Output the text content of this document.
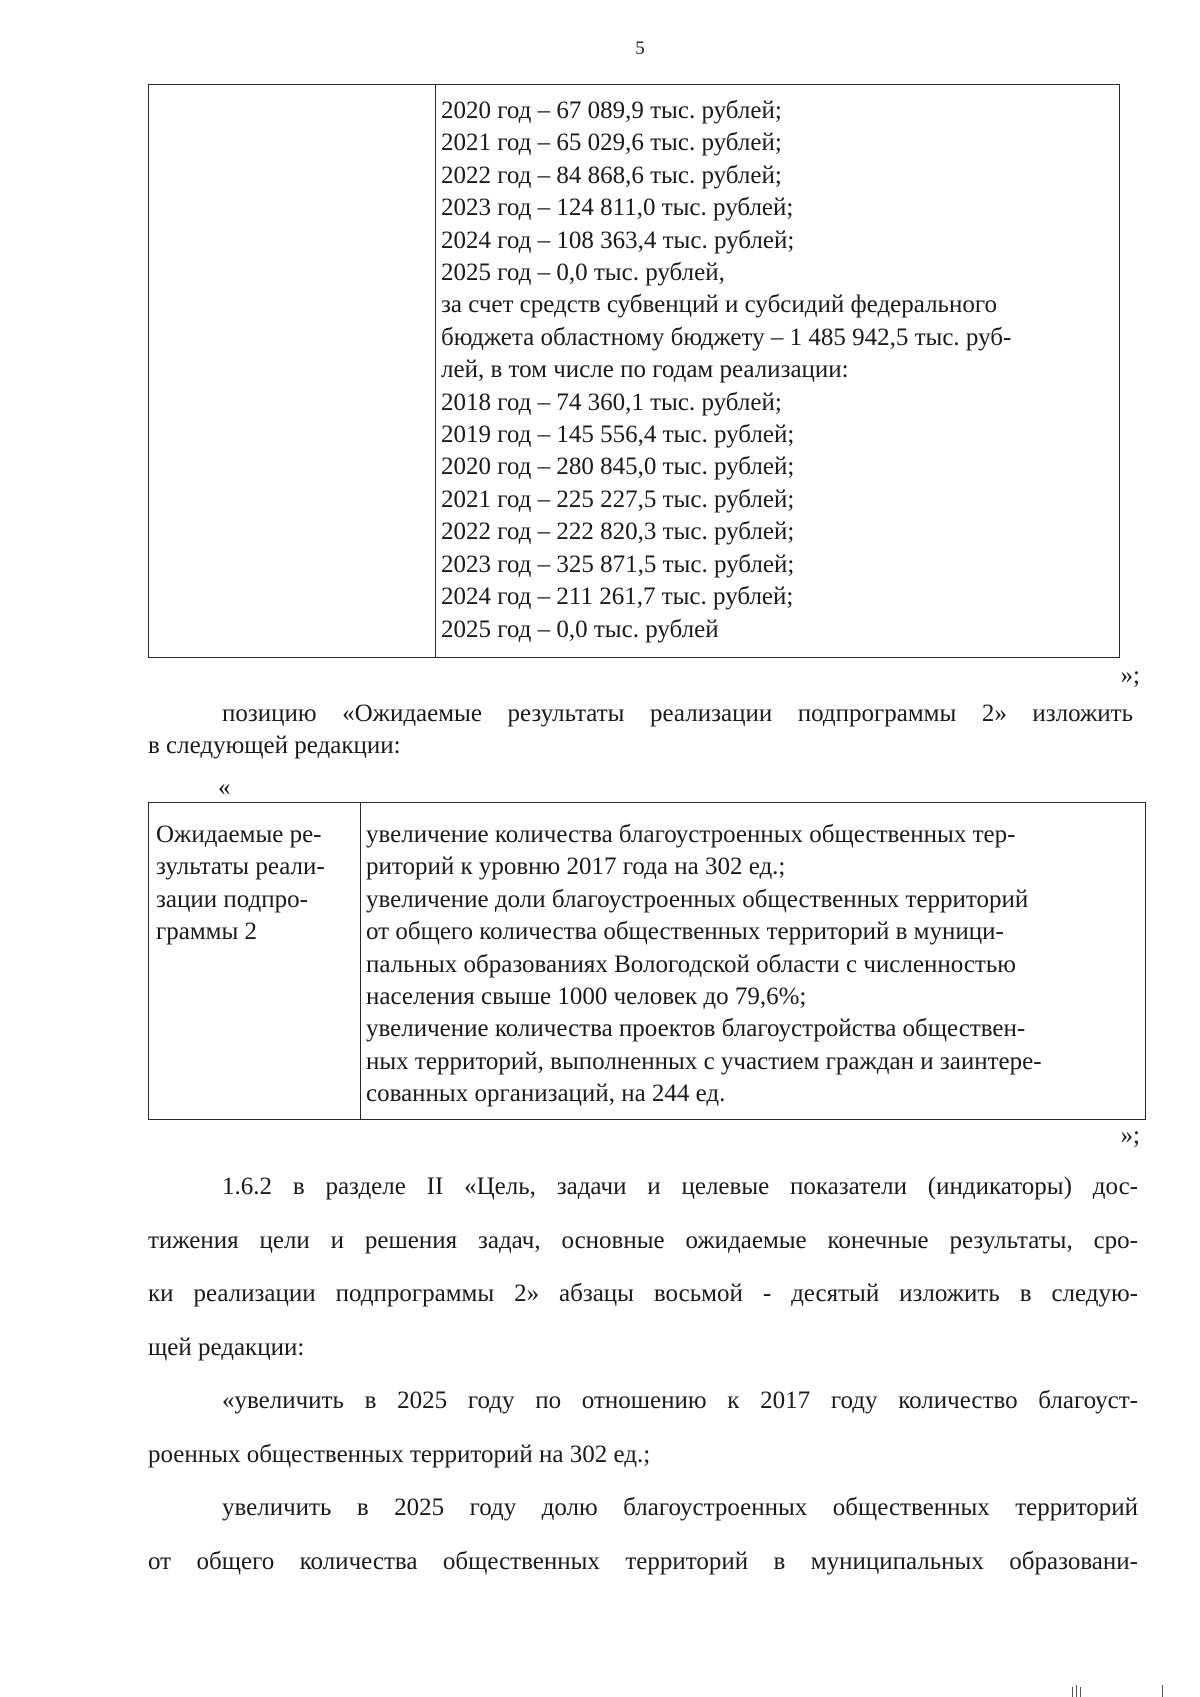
5
2020 год – 67 089,9 тыс. рублей;
2021 год – 65 029,6 тыс. рублей;
2022 год – 84 868,6 тыс. рублей;
2023 год – 124 811,0 тыс. рублей;
2024 год – 108 363,4 тыс. рублей;
2025 год – 0,0 тыс. рублей,
за счет средств субвенций и субсидий федерального
бюджета областному бюджету – 1 485 942,5 тыс. руб-
лей, в том числе по годам реализации:
2018 год – 74 360,1 тыс. рублей;
2019 год – 145 556,4 тыс. рублей;
2020 год – 280 845,0 тыс. рублей;
2021 год – 225 227,5 тыс. рублей;
2022 год – 222 820,3 тыс. рублей;
2023 год – 325 871,5 тыс. рублей;
2024 год – 211 261,7 тыс. рублей;
2025 год – 0,0 тыс. рублей
»;
позицию «Ожидаемые результаты реализации подпрограммы 2» изложить
в следующей редакции:
«
Ожидаемые ре-
зультаты реали-
зации подпро-
граммы 2
увеличение количества благоустроенных общественных тер-
риторий к уровню 2017 года на 302 ед.;
увеличение доли благоустроенных общественных территорий
от общего количества общественных территорий в муници-
пальных образованиях Вологодской области с численностью
населения свыше 1000 человек до 79,6%;
увеличение количества проектов благоустройства обществен-
ных территорий, выполненных с участием граждан и заинтере-
сованных организаций, на 244 ед.
»;
1.6.2 в разделе II «Цель, задачи и целевые показатели (индикаторы) дос-
тижения цели и решения задач, основные ожидаемые конечные результаты, сро-
ки реализации подпрограммы 2» абзацы восьмой - десятый изложить в следую-
щей редакции:
«увеличить в 2025 году по отношению к 2017 году количество благоуст-
роенных общественных территорий на 302 ед.;
увеличить в 2025 году долю благоустроенных общественных территорий
от общего количества общественных территорий в муниципальных образовани-
